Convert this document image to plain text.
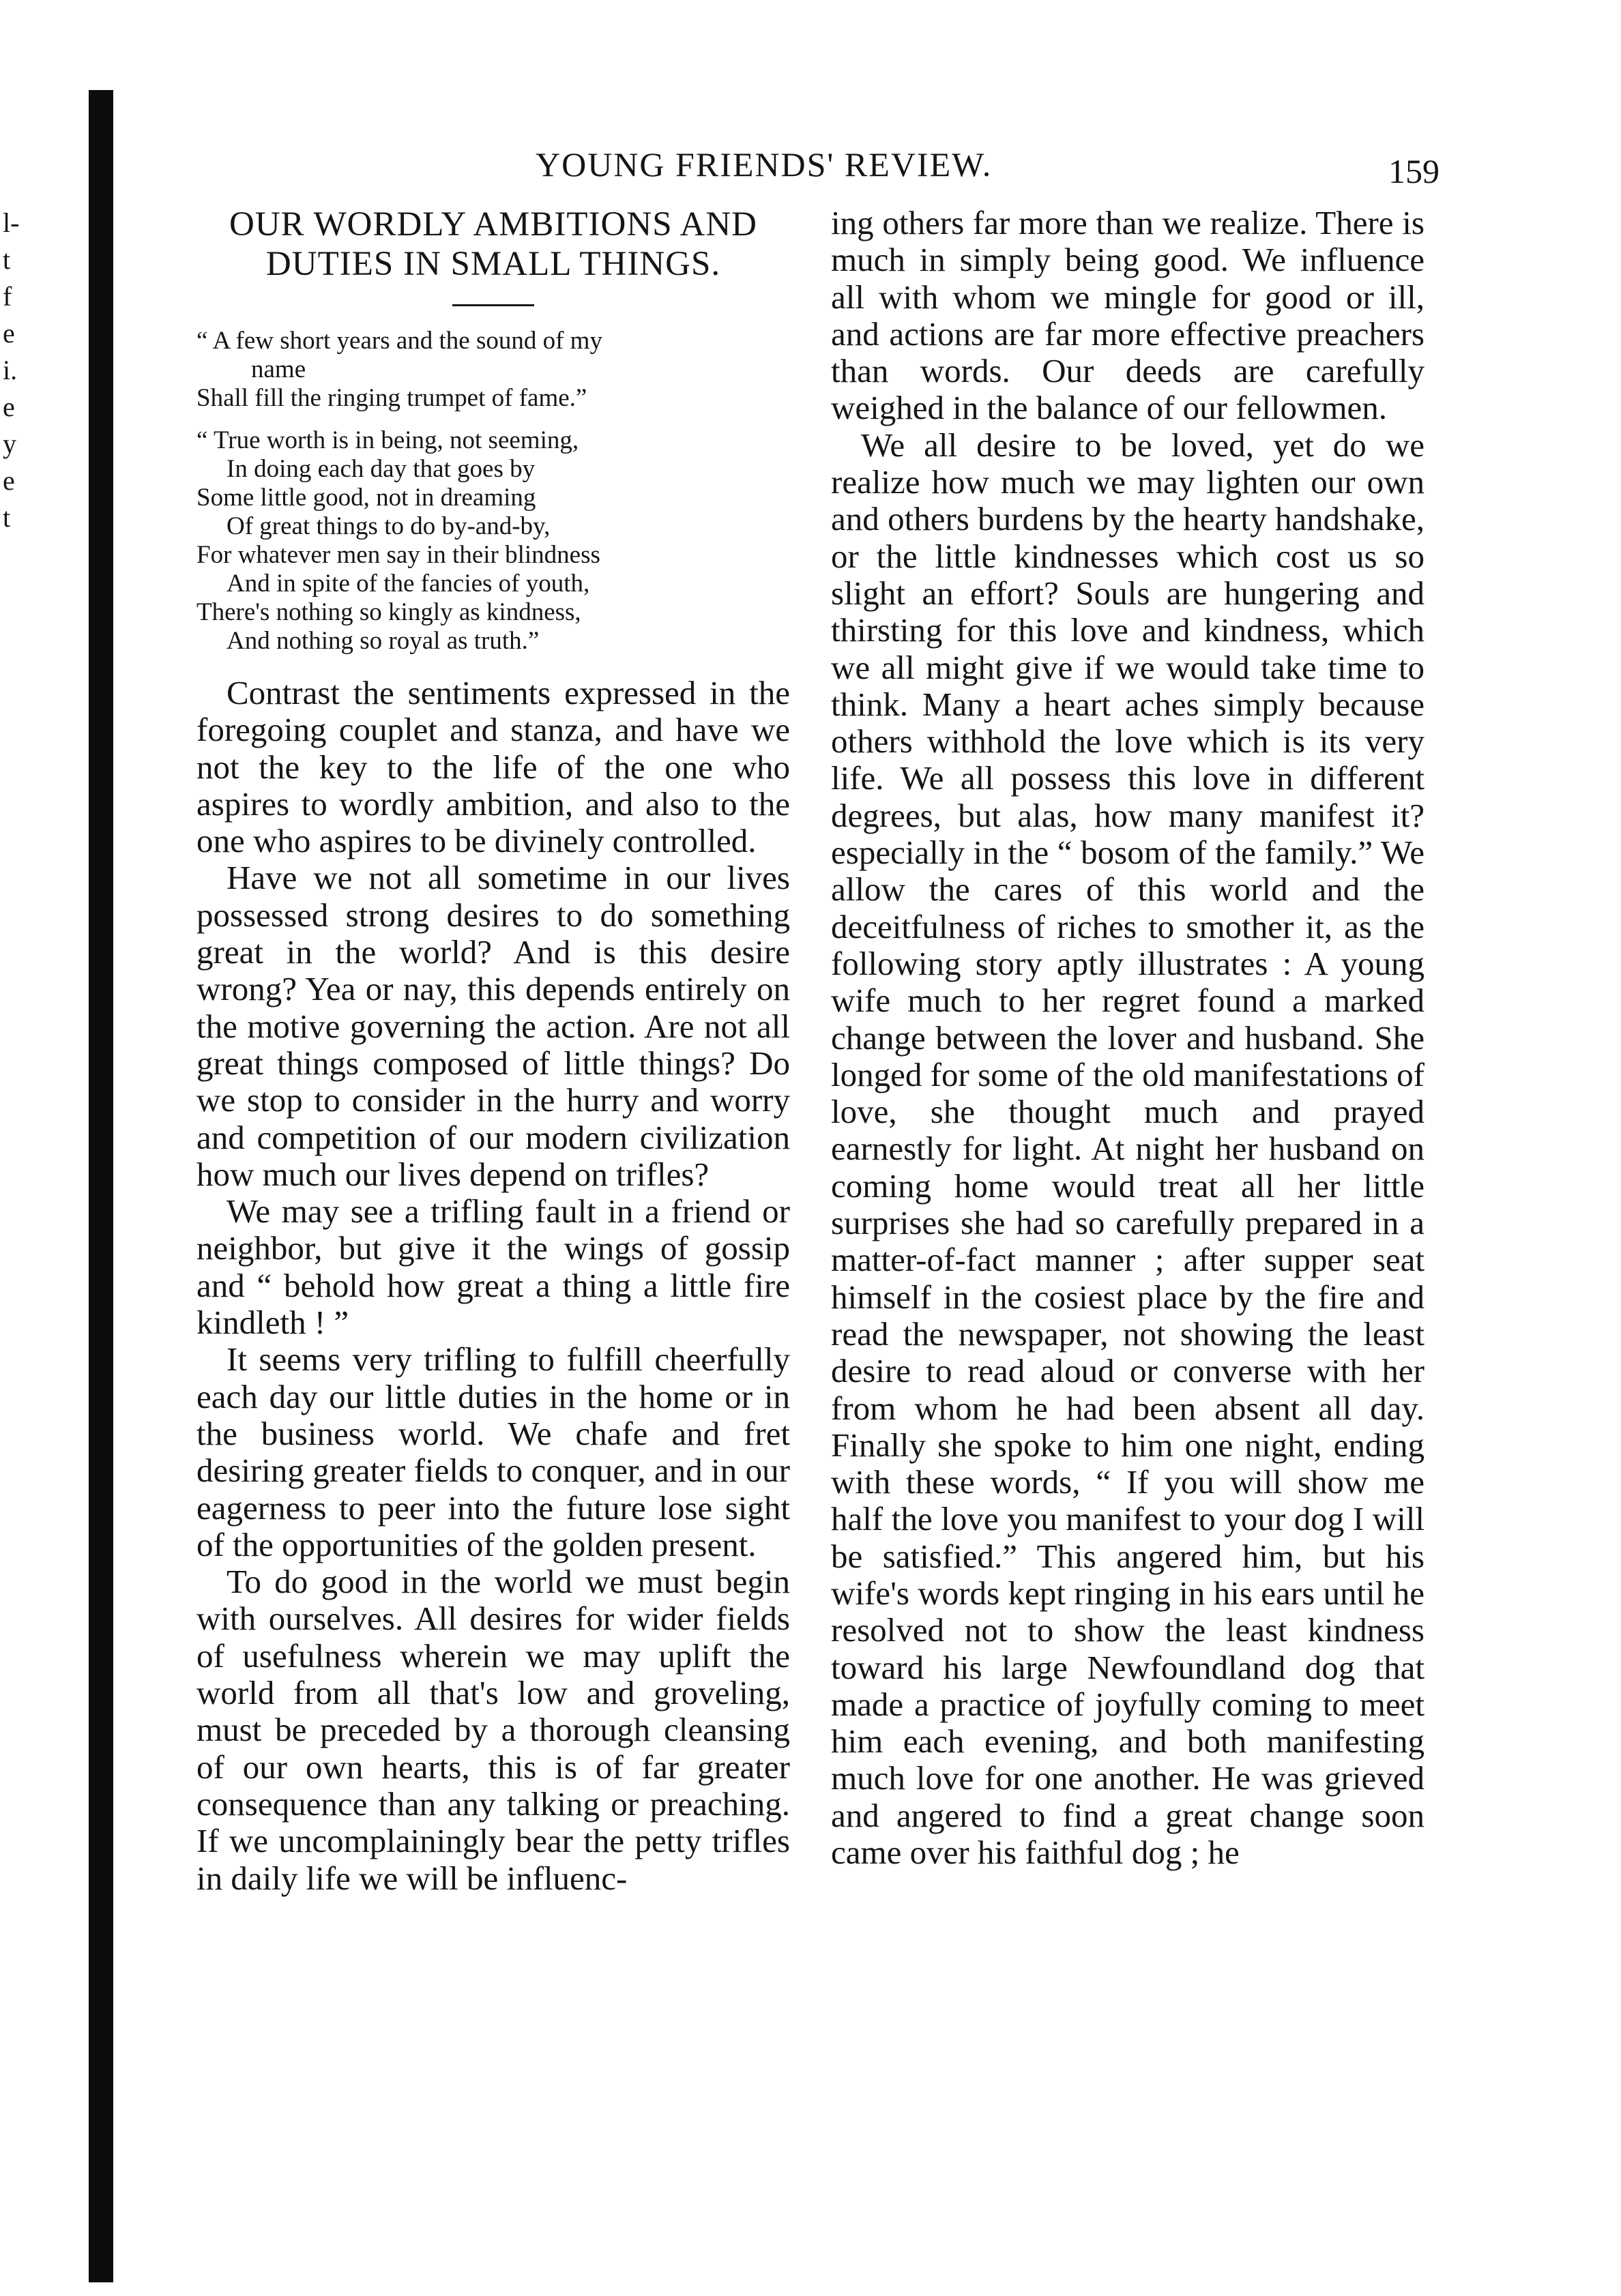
l-
t
f
e
i.
e
y
e
t
YOUNG FRIENDS' REVIEW.	159
OUR WORDLY AMBITIONS AND
DUTIES IN SMALL THINGS.
“ A few short years and the sound of my
name
Shall fill the ringing trumpet of fame.”
“ True worth is in being, not seeming,
In doing each day that goes by
Some little good, not in dreaming
Of great things to do by-and-by,
For whatever men say in their blindness
And in spite of the fancies of youth,
There's nothing so kingly as kindness,
And nothing so royal as truth.”

Contrast the sentiments expressed in the foregoing couplet and stanza, and have we not the key to the life of the one who aspires to wordly ambition, and also to the one who aspires to be divinely controlled.

Have we not all sometime in our lives possessed strong desires to do something great in the world? And is this desire wrong? Yea or nay, this depends entirely on the motive governing the action. Are not all great things composed of little things? Do we stop to consider in the hurry and worry and competition of our modern civilization how much our lives depend on trifles?

We may see a trifling fault in a friend or neighbor, but give it the wings of gossip and “ behold how great a thing a little fire kindleth ! ”

It seems very trifling to fulfill cheerfully each day our little duties in the home or in the business world. We chafe and fret desiring greater fields to conquer, and in our eagerness to peer into the future lose sight of the opportunities of the golden present.

To do good in the world we must begin with ourselves. All desires for wider fields of usefulness wherein we may uplift the world from all that's low and groveling, must be preceded by a thorough cleansing of our own hearts, this is of far greater consequence than any talking or preaching. If we uncomplainingly bear the petty trifles in daily life we will be influenc-

ing others far more than we realize. There is much in simply being good. We influence all with whom we mingle for good or ill, and actions are far more effective preachers than words. Our deeds are carefully weighed in the balance of our fellowmen.

We all desire to be loved, yet do we realize how much we may lighten our own and others burdens by the hearty handshake, or the little kindnesses which cost us so slight an effort? Souls are hungering and thirsting for this love and kindness, which we all might give if we would take time to think. Many a heart aches simply because others withhold the love which is its very life. We all possess this love in different degrees, but alas, how many manifest it? especially in the “ bosom of the family.” We allow the cares of this world and the deceitfulness of riches to smother it, as the following story aptly illustrates : A young wife much to her regret found a marked change between the lover and husband. She longed for some of the old manifestations of love, she thought much and prayed earnestly for light. At night her husband on coming home would treat all her little surprises she had so carefully prepared in a matter-of-fact manner ; after supper seat himself in the cosiest place by the fire and read the newspaper, not showing the least desire to read aloud or converse with her from whom he had been absent all day. Finally she spoke to him one night, ending with these words, “ If you will show me half the love you manifest to your dog I will be satisfied.” This angered him, but his wife's words kept ringing in his ears until he resolved not to show the least kindness toward his large Newfoundland dog that made a practice of joyfully coming to meet him each evening, and both manifesting much love for one another. He was grieved and angered to find a great change soon came over his faithful dog ; he
